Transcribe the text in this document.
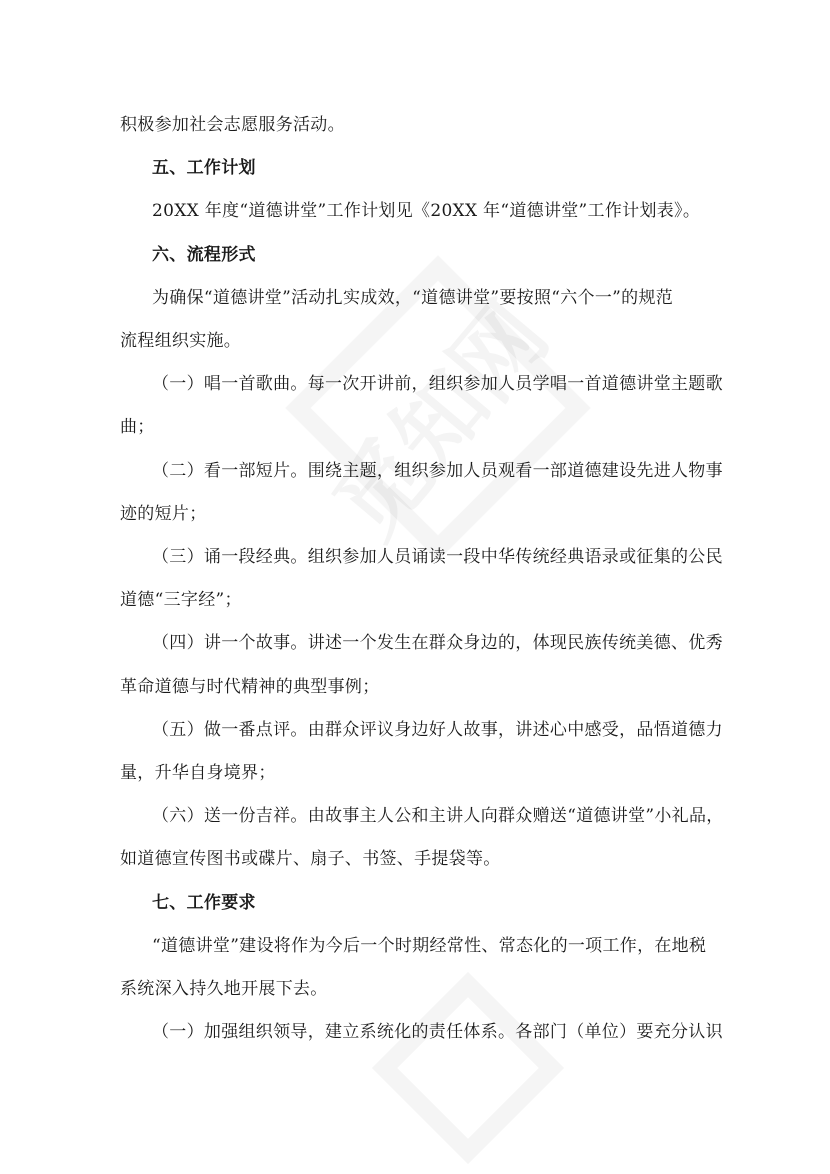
积极参加社会志愿服务活动。
五、工作计划
20XX 年度“道德讲堂”工作计划见《20XX 年“道德讲堂”工作计划表》。
六、流程形式
为确保“道德讲堂”活动扎实成效，“道德讲堂”要按照“六个一”的规范
流程组织实施。
（一）唱一首歌曲。每一次开讲前，组织参加人员学唱一首道德讲堂主题歌
曲；
（二）看一部短片。围绕主题，组织参加人员观看一部道德建设先进人物事
迹的短片；
（三）诵一段经典。组织参加人员诵读一段中华传统经典语录或征集的公民
道德“三字经”；
（四）讲一个故事。讲述一个发生在群众身边的，体现民族传统美德、优秀
革命道德与时代精神的典型事例；
（五）做一番点评。由群众评议身边好人故事，讲述心中感受，品悟道德力
量，升华自身境界；
（六）送一份吉祥。由故事主人公和主讲人向群众赠送“道德讲堂”小礼品，
如道德宣传图书或碟片、扇子、书签、手提袋等。
七、工作要求
“道德讲堂”建设将作为今后一个时期经常性、常态化的一项工作，在地税
系统深入持久地开展下去。
（一）加强组织领导，建立系统化的责任体系。各部门（单位）要充分认识
